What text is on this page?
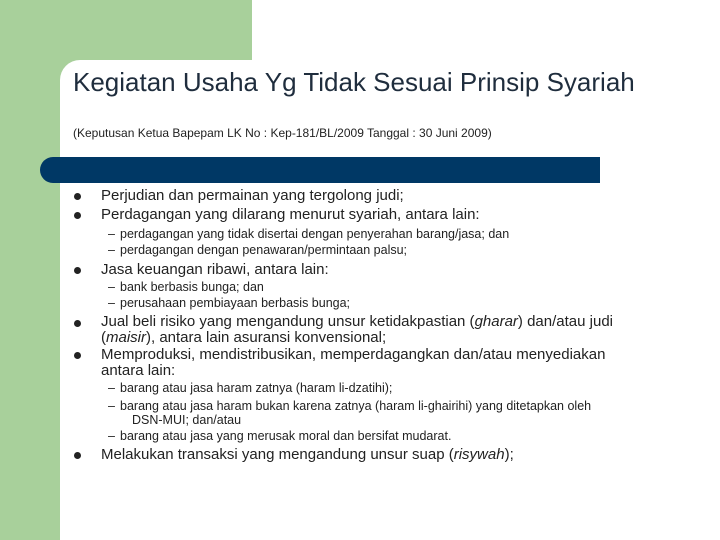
Kegiatan Usaha Yg Tidak Sesuai Prinsip Syariah

(Keputusan Ketua Bapepam LK No : Kep-181/BL/2009 Tanggal : 30 Juni 2009)

Perjudian dan permainan yang tergolong judi;

Perdagangan yang dilarang menurut syariah, antara lain:

– perdagangan yang tidak disertai dengan penyerahan barang/jasa; dan

– perdagangan dengan penawaran/permintaan palsu;

Jasa keuangan ribawi, antara lain:

– bank berbasis bunga; dan

– perusahaan pembiayaan berbasis bunga;

Jual beli risiko yang mengandung unsur ketidakpastian (gharar) dan/atau judi
(maisir), antara lain asuransi konvensional;

Memproduksi, mendistribusikan, memperdagangkan dan/atau menyediakan
antara lain:

– barang atau jasa haram zatnya (haram li-dzatihi);

– barang atau jasa haram bukan karena zatnya (haram li-ghairihi) yang ditetapkan oleh
DSN-MUI; dan/atau

– barang atau jasa yang merusak moral dan bersifat mudarat.

Melakukan transaksi yang mengandung unsur suap (risywah);
